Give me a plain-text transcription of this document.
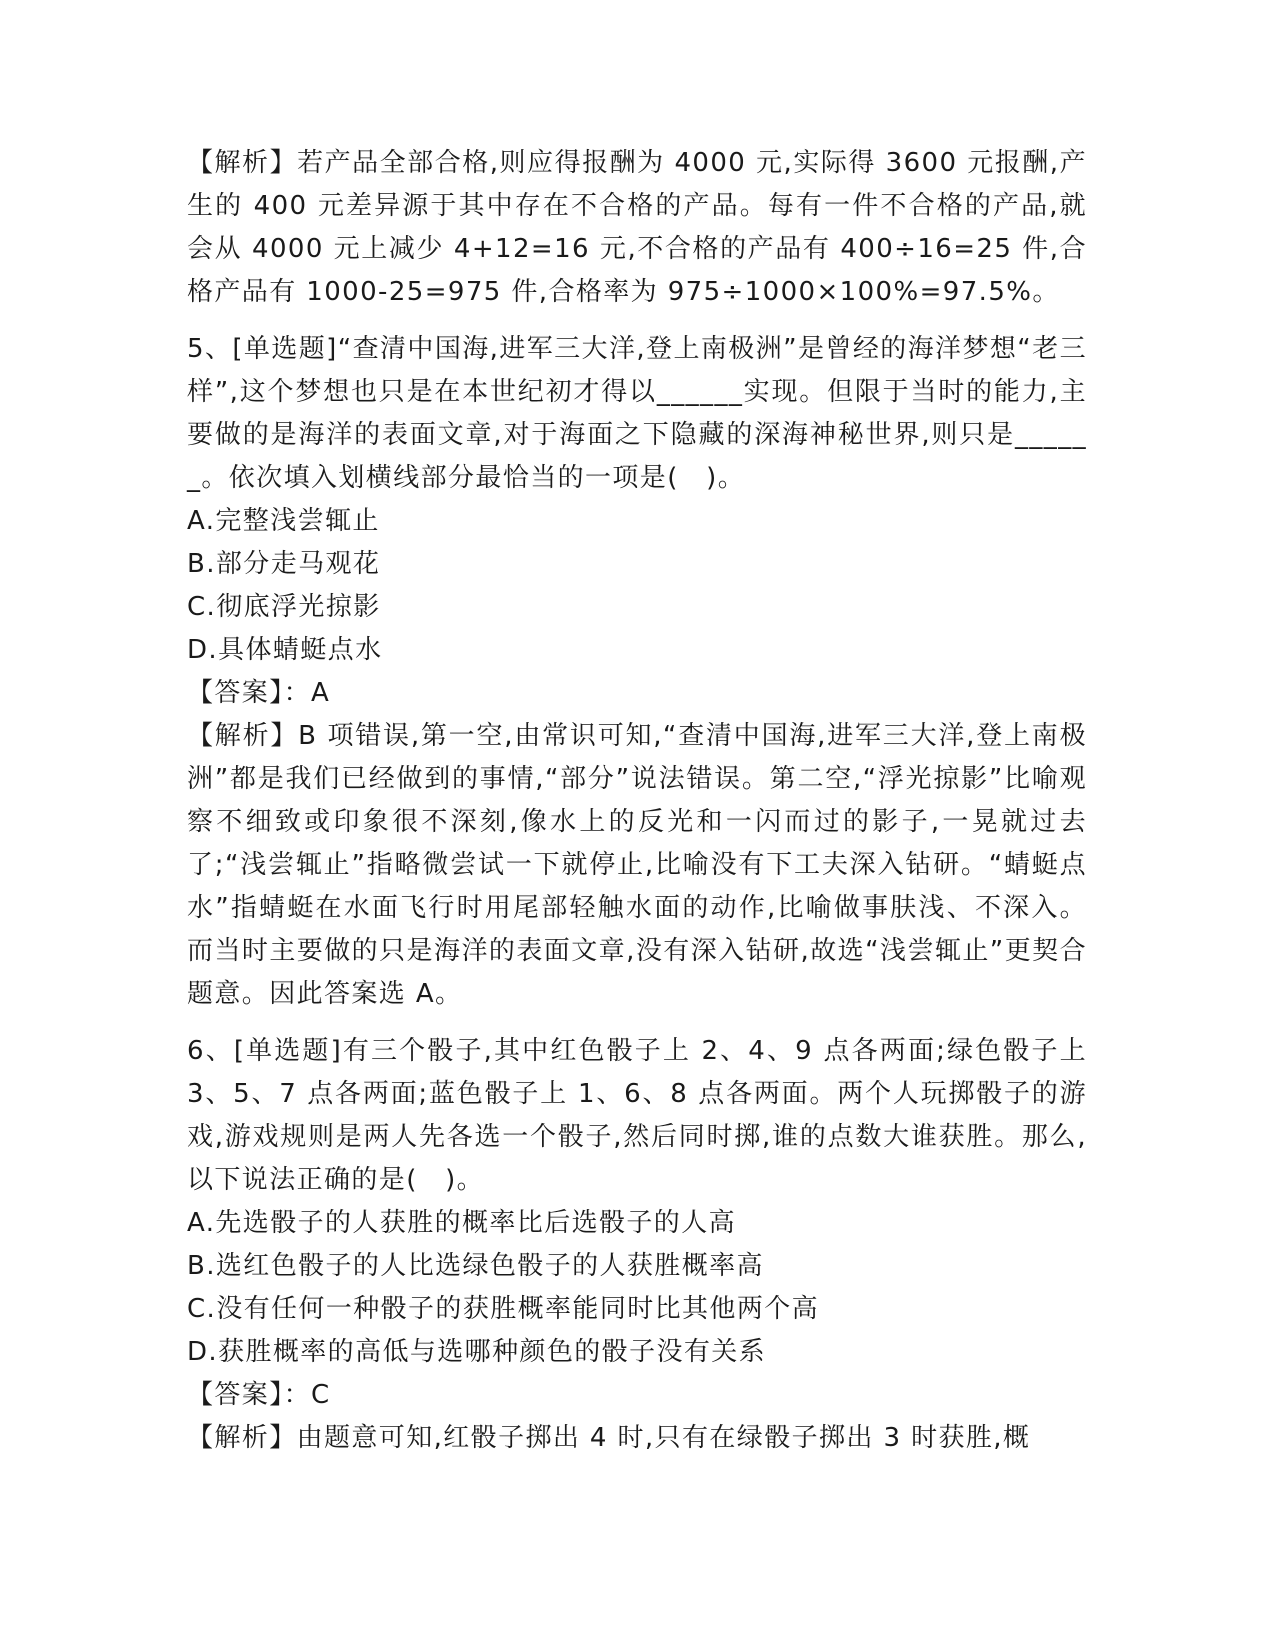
【解析】若产品全部合格,则应得报酬为 4000 元,实际得 3600 元报酬,产生的 400 元差异源于其中存在不合格的产品。每有一件不合格的产品,就会从 4000 元上减少 4+12=16 元,不合格的产品有 400÷16=25 件,合格产品有 1000-25=975 件,合格率为 975÷1000×100%=97.5%。

5、[单选题]“查清中国海,进军三大洋,登上南极洲”是曾经的海洋梦想“老三样”,这个梦想也只是在本世纪初才得以______实现。但限于当时的能力,主要做的是海洋的表面文章,对于海面之下隐藏的深海神秘世界,则只是______。依次填入划横线部分最恰当的一项是(　)。

A.完整浅尝辄止

B.部分走马观花

C.彻底浮光掠影

D.具体蜻蜓点水

【答案】：A

【解析】B 项错误,第一空,由常识可知,“查清中国海,进军三大洋,登上南极洲”都是我们已经做到的事情,“部分”说法错误。第二空,“浮光掠影”比喻观察不细致或印象很不深刻,像水上的反光和一闪而过的影子,一晃就过去了;“浅尝辄止”指略微尝试一下就停止,比喻没有下工夫深入钻研。“蜻蜓点水”指蜻蜓在水面飞行时用尾部轻触水面的动作,比喻做事肤浅、不深入。而当时主要做的只是海洋的表面文章,没有深入钻研,故选“浅尝辄止”更契合题意。因此答案选 A。

6、[单选题]有三个骰子,其中红色骰子上 2、4、9 点各两面;绿色骰子上 3、5、7 点各两面;蓝色骰子上 1、6、8 点各两面。两个人玩掷骰子的游戏,游戏规则是两人先各选一个骰子,然后同时掷,谁的点数大谁获胜。那么,以下说法正确的是(　)。

A.先选骰子的人获胜的概率比后选骰子的人高

B.选红色骰子的人比选绿色骰子的人获胜概率高

C.没有任何一种骰子的获胜概率能同时比其他两个高

D.获胜概率的高低与选哪种颜色的骰子没有关系

【答案】：C

【解析】由题意可知,红骰子掷出 4 时,只有在绿骰子掷出 3 时获胜,概
